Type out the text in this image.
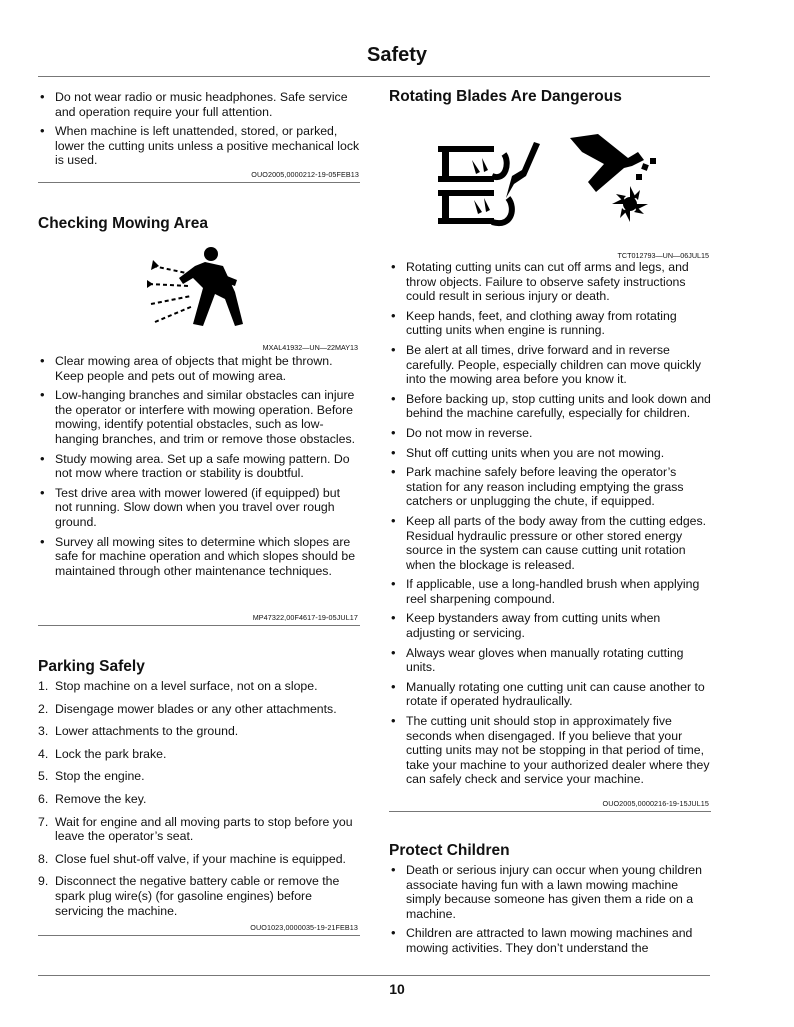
Safety
• Do not wear radio or music headphones. Safe service and operation require your full attention.
• When machine is left unattended, stored, or parked, lower the cutting units unless a positive mechanical lock is used.
OUO2005,0000212-19-05FEB13
Checking Mowing Area
MXAL41932—UN—22MAY13
• Clear mowing area of objects that might be thrown. Keep people and pets out of mowing area.
• Low-hanging branches and similar obstacles can injure the operator or interfere with mowing operation. Before mowing, identify potential obstacles, such as low-hanging branches, and trim or remove those obstacles.
• Study mowing area. Set up a safe mowing pattern. Do not mow where traction or stability is doubtful.
• Test drive area with mower lowered (if equipped) but not running. Slow down when you travel over rough ground.
• Survey all mowing sites to determine which slopes are safe for machine operation and which slopes should be maintained through other maintenance techniques.
MP47322,00F4617-19-05JUL17
Parking Safely
1. Stop machine on a level surface, not on a slope.
2. Disengage mower blades or any other attachments.
3. Lower attachments to the ground.
4. Lock the park brake.
5. Stop the engine.
6. Remove the key.
7. Wait for engine and all moving parts to stop before you leave the operator’s seat.
8. Close fuel shut-off valve, if your machine is equipped.
9. Disconnect the negative battery cable or remove the spark plug wire(s) (for gasoline engines) before servicing the machine.
OUO1023,0000035-19-21FEB13
Rotating Blades Are Dangerous
TCT012793—UN—06JUL15
• Rotating cutting units can cut off arms and legs, and throw objects. Failure to observe safety instructions could result in serious injury or death.
• Keep hands, feet, and clothing away from rotating cutting units when engine is running.
• Be alert at all times, drive forward and in reverse carefully. People, especially children can move quickly into the mowing area before you know it.
• Before backing up, stop cutting units and look down and behind the machine carefully, especially for children.
• Do not mow in reverse.
• Shut off cutting units when you are not mowing.
• Park machine safely before leaving the operator’s station for any reason including emptying the grass catchers or unplugging the chute, if equipped.
• Keep all parts of the body away from the cutting edges. Residual hydraulic pressure or other stored energy source in the system can cause cutting unit rotation when the blockage is released.
• If applicable, use a long-handled brush when applying reel sharpening compound.
• Keep bystanders away from cutting units when adjusting or servicing.
• Always wear gloves when manually rotating cutting units.
• Manually rotating one cutting unit can cause another to rotate if operated hydraulically.
• The cutting unit should stop in approximately five seconds when disengaged. If you believe that your cutting units may not be stopping in that period of time, take your machine to your authorized dealer where they can safely check and service your machine.
OUO2005,0000216-19-15JUL15
Protect Children
• Death or serious injury can occur when young children associate having fun with a lawn mowing machine simply because someone has given them a ride on a machine.
• Children are attracted to lawn mowing machines and mowing activities. They don’t understand the
10
